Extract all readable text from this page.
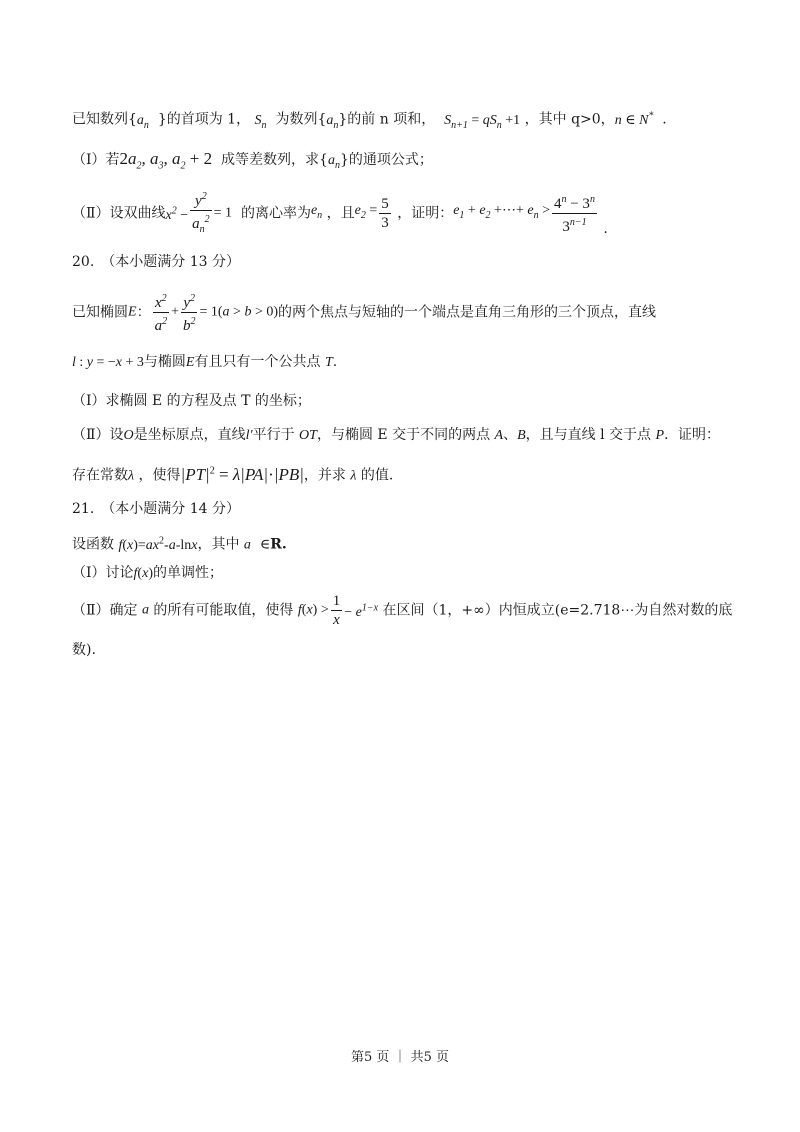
已知数列{$a_n$ }的首项为 1， $S_n$ 为数列$\{a_n\}$的前 n 项和， $S_{n+1} = qS_n +1$ ，其中 q>0，n ∈ N*  .
（Ⅰ）若$2a_2$, $a_3$, $a_2 + 2$ 成等差数列，求$\{a_n\}$的通项公式；
（Ⅱ）设双曲线$x^2 - \frac{y^2}{a_n^2} = 1$ 的离心率为$e_n$ ，且$e_2 = \frac{5}{3}$ ，证明：$e_1 + e_2$ +⋯+ $e_n > \frac{4^n - 3^n}{3^{n-1}}$ .
20.　（本小题满分 13 分）
已知椭圆E： $\frac{x^2}{a^2} + \frac{y^2}{b^2} = 1(a > b > 0)$的两个焦点与短轴的一个端点是直角三角形的三个顶点，直线
l : y = −x + 3与椭圆E有且只有一个公共点 T.
（Ⅰ）求椭圆 E 的方程及点 T 的坐标；
（Ⅱ）设O是坐标原点，直线l′平行于 OT，与椭圆 E 交于不同的两点 A、B，且与直线 l 交于点 P．证明：
存在常数λ ，使得$|PT|^2 = \lambda|PA|\cdot|PB|$，并求 λ 的值.
21.　（本小题满分 14 分）
设函数 $f(x)=ax^2-a$-lnx，其中 a  ∈R.
（Ⅰ）讨论f(x)的单调性；
（Ⅱ）确定 a 的所有可能取值，使得 $f(x) > \frac{1}{x} - e^{1-x}$ 在区间（1，+∞）内恒成立(e=2.718⋯为自然对数的底
数).
第5 页 ｜ 共5 页
